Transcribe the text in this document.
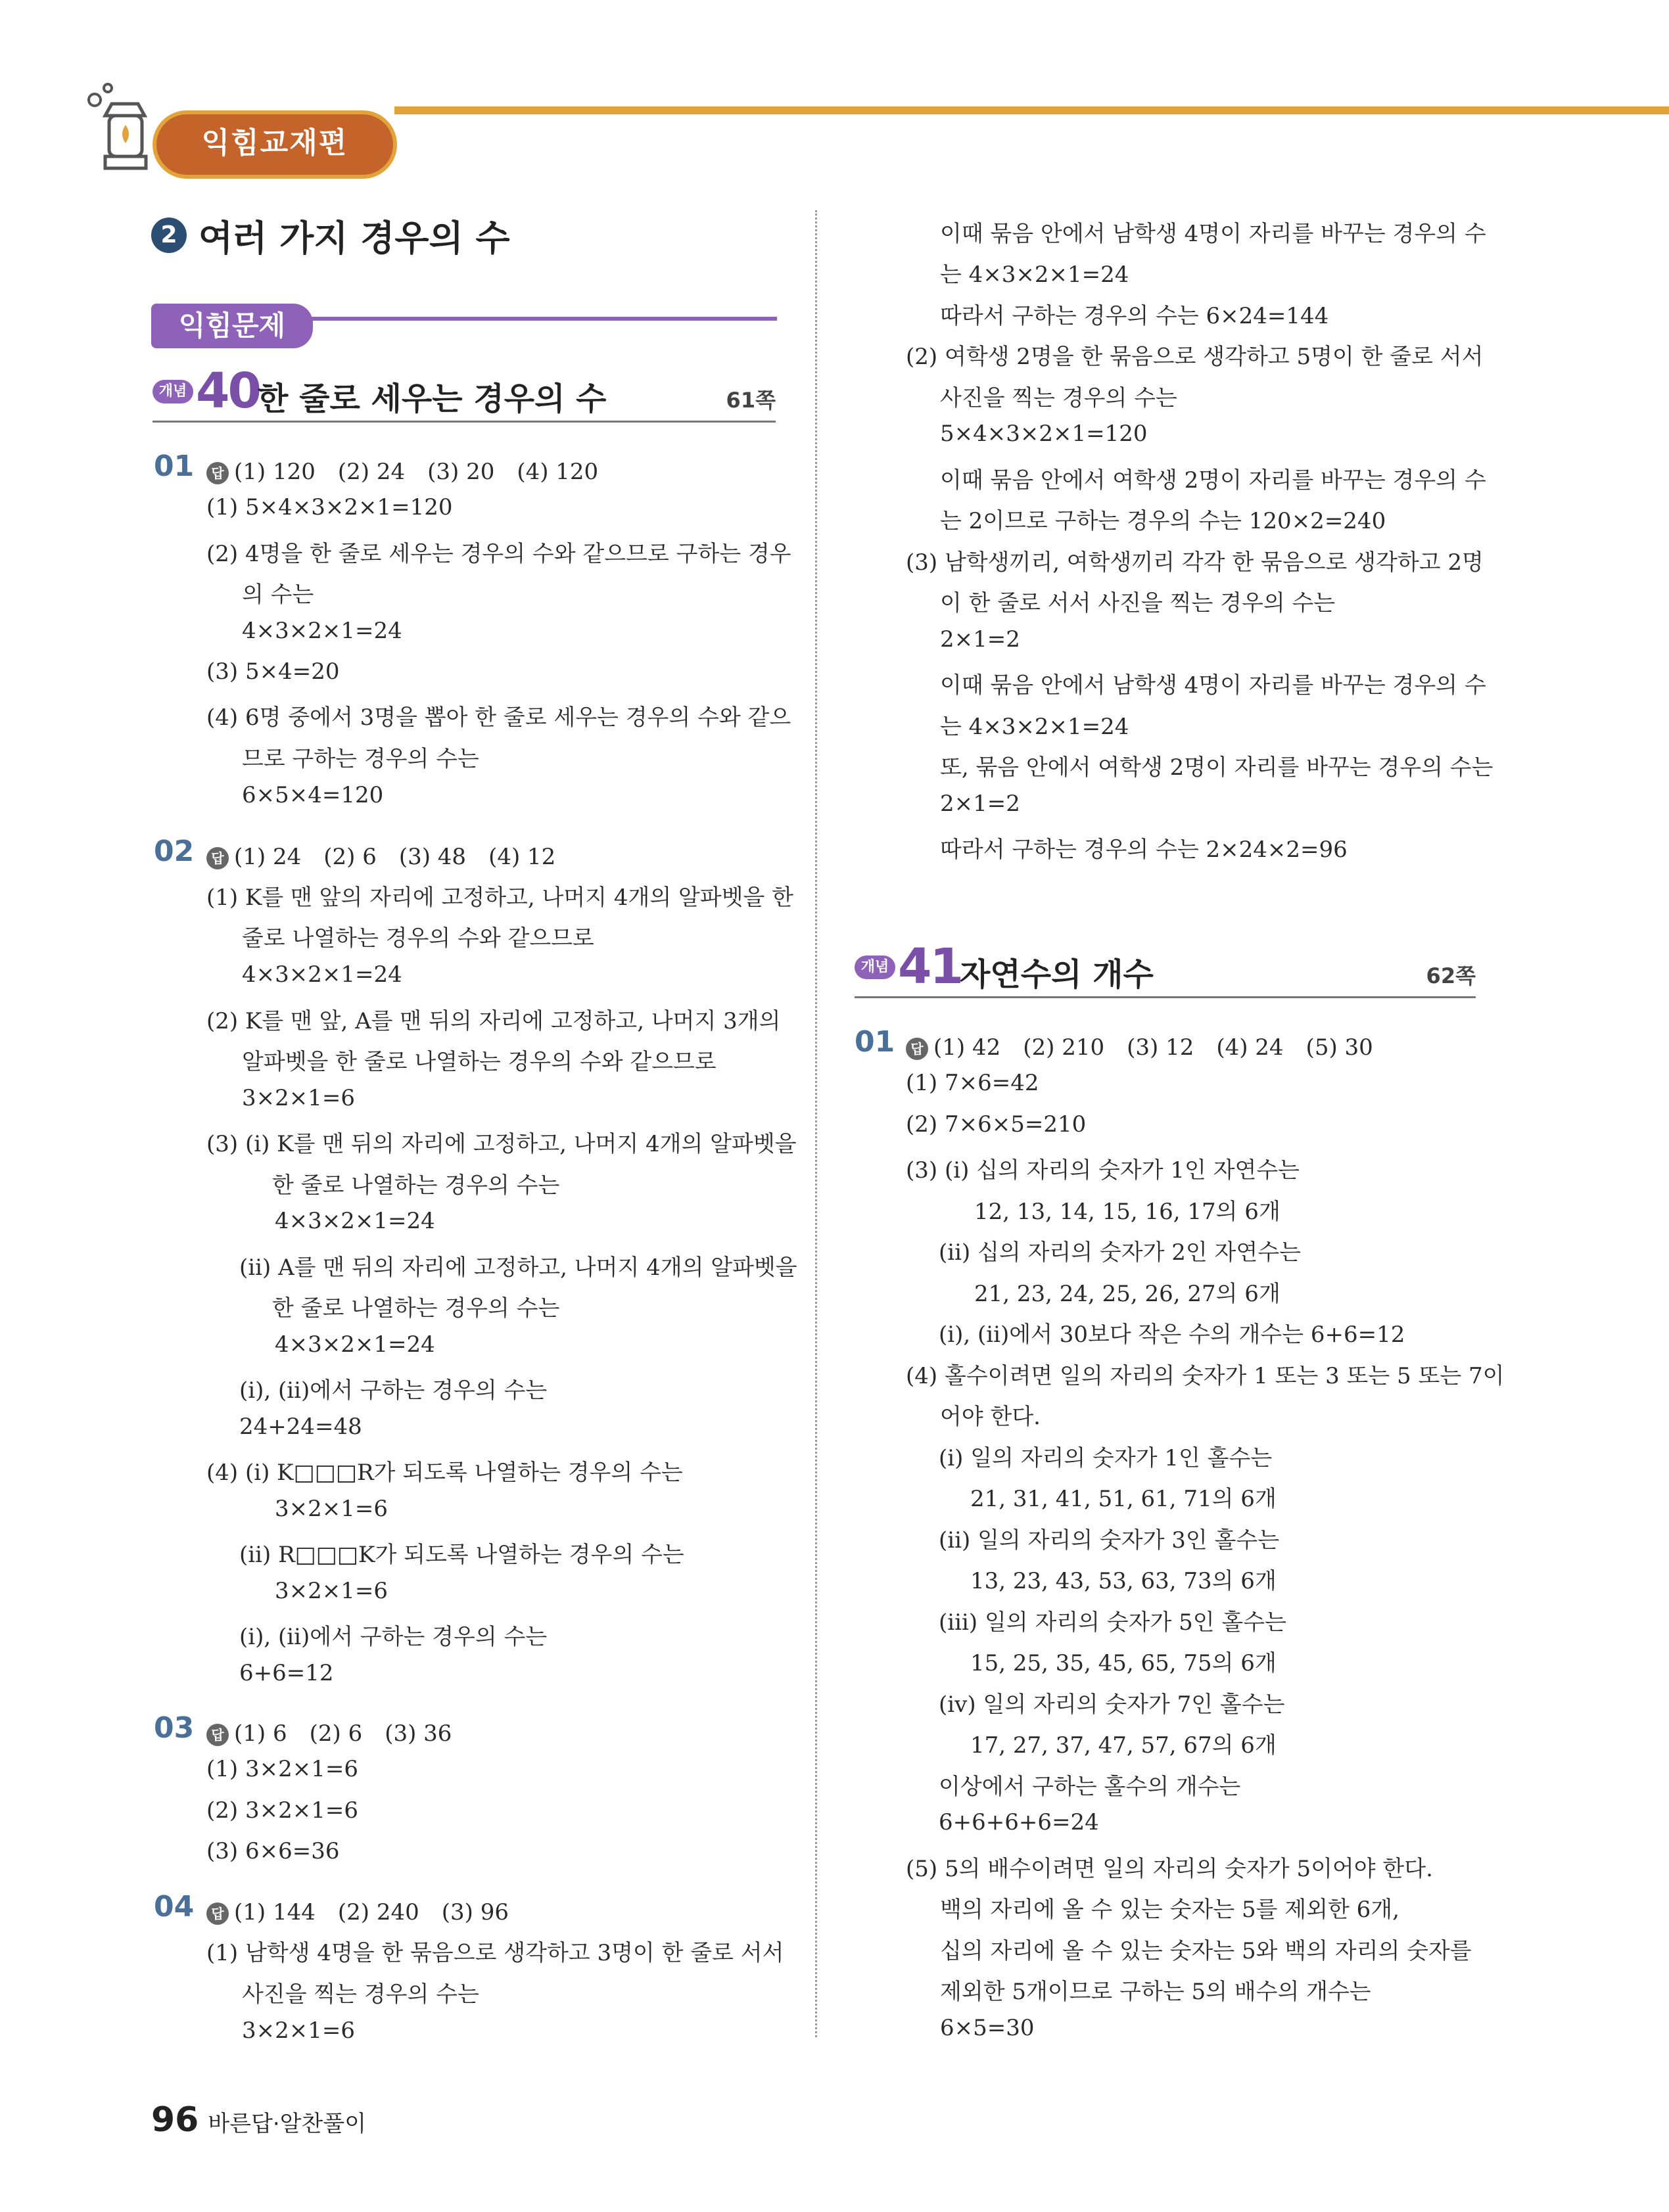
익힘교재편
2 여러 가지 경우의 수
익힘문제
개념 40
한 줄로 세우는 경우의 수	61쪽
01	답 (1) 120　(2) 24　(3) 20　(4) 120
(1) 5×4×3×2×1=120
(2) 4명을 한 줄로 세우는 경우의 수와 같으므로 구하는 경우
의 수는
4×3×2×1=24
(3) 5×4=20
(4) 6명 중에서 3명을 뽑아 한 줄로 세우는 경우의 수와 같으
므로 구하는 경우의 수는
6×5×4=120
02	답 (1) 24　(2) 6　(3) 48　(4) 12
(1) K를 맨 앞의 자리에 고정하고, 나머지 4개의 알파벳을 한
줄로 나열하는 경우의 수와 같으므로
4×3×2×1=24
(2) K를 맨 앞, A를 맨 뒤의 자리에 고정하고, 나머지 3개의
알파벳을 한 줄로 나열하는 경우의 수와 같으므로
3×2×1=6
(3) (ⅰ) K를 맨 뒤의 자리에 고정하고, 나머지 4개의 알파벳을
한 줄로 나열하는 경우의 수는
4×3×2×1=24
(ⅱ) A를 맨 뒤의 자리에 고정하고, 나머지 4개의 알파벳을
한 줄로 나열하는 경우의 수는
4×3×2×1=24
(ⅰ), (ⅱ)에서 구하는 경우의 수는
24+24=48
(4) (ⅰ) K□□□R가 되도록 나열하는 경우의 수는
3×2×1=6
(ⅱ) R□□□K가 되도록 나열하는 경우의 수는
3×2×1=6
(ⅰ), (ⅱ)에서 구하는 경우의 수는
6+6=12
03	답 (1) 6　(2) 6　(3) 36
(1) 3×2×1=6
(2) 3×2×1=6
(3) 6×6=36
04	답 (1) 144　(2) 240　(3) 96
(1) 남학생 4명을 한 묶음으로 생각하고 3명이 한 줄로 서서
사진을 찍는 경우의 수는
3×2×1=6
이때 묶음 안에서 남학생 4명이 자리를 바꾸는 경우의 수
는 4×3×2×1=24
따라서 구하는 경우의 수는 6×24=144
(2) 여학생 2명을 한 묶음으로 생각하고 5명이 한 줄로 서서
사진을 찍는 경우의 수는
5×4×3×2×1=120
이때 묶음 안에서 여학생 2명이 자리를 바꾸는 경우의 수
는 2이므로 구하는 경우의 수는 120×2=240
(3) 남학생끼리, 여학생끼리 각각 한 묶음으로 생각하고 2명
이 한 줄로 서서 사진을 찍는 경우의 수는
2×1=2
이때 묶음 안에서 남학생 4명이 자리를 바꾸는 경우의 수
는 4×3×2×1=24
또, 묶음 안에서 여학생 2명이 자리를 바꾸는 경우의 수는
2×1=2
따라서 구하는 경우의 수는 2×24×2=96
개념 41
자연수의 개수	62쪽
01	답 (1) 42　(2) 210　(3) 12　(4) 24　(5) 30
(1) 7×6=42
(2) 7×6×5=210
(3) (ⅰ) 십의 자리의 숫자가 1인 자연수는
12, 13, 14, 15, 16, 17의 6개
(ⅱ) 십의 자리의 숫자가 2인 자연수는
21, 23, 24, 25, 26, 27의 6개
(ⅰ), (ⅱ)에서 30보다 작은 수의 개수는 6+6=12
(4) 홀수이려면 일의 자리의 숫자가 1 또는 3 또는 5 또는 7이
어야 한다.
(ⅰ) 일의 자리의 숫자가 1인 홀수는
21, 31, 41, 51, 61, 71의 6개
(ⅱ) 일의 자리의 숫자가 3인 홀수는
13, 23, 43, 53, 63, 73의 6개
(ⅲ) 일의 자리의 숫자가 5인 홀수는
15, 25, 35, 45, 65, 75의 6개
(ⅳ) 일의 자리의 숫자가 7인 홀수는
17, 27, 37, 47, 57, 67의 6개
이상에서 구하는 홀수의 개수는
6+6+6+6=24
(5) 5의 배수이려면 일의 자리의 숫자가 5이어야 한다.
백의 자리에 올 수 있는 숫자는 5를 제외한 6개,
십의 자리에 올 수 있는 숫자는 5와 백의 자리의 숫자를
제외한 5개이므로 구하는 5의 배수의 개수는
6×5=30
96 바른답·알찬풀이
